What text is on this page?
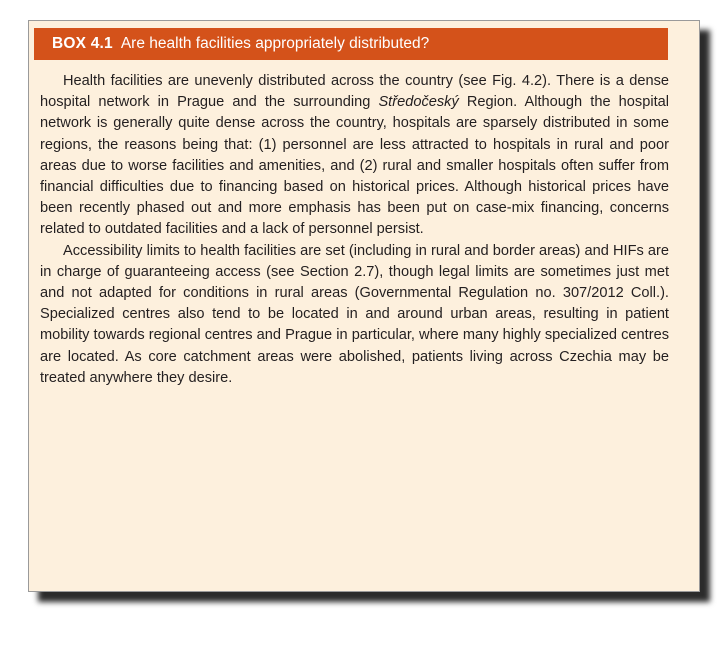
BOX 4.1 Are health facilities appropriately distributed?

Health facilities are unevenly distributed across the country (see Fig. 4.2). There is a dense hospital network in Prague and the surrounding Středočeský Region. Although the hospital network is generally quite dense across the country, hospitals are sparsely distributed in some regions, the reasons being that: (1) personnel are less attracted to hospitals in rural and poor areas due to worse facilities and amenities, and (2) rural and smaller hospitals often suffer from financial difficulties due to financing based on historical prices. Although historical prices have been recently phased out and more emphasis has been put on case-mix financing, concerns related to outdated facilities and a lack of personnel persist.

Accessibility limits to health facilities are set (including in rural and border areas) and HIFs are in charge of guaranteeing access (see Section 2.7), though legal limits are sometimes just met and not adapted for conditions in rural areas (Governmental Regulation no. 307/2012 Coll.). Specialized centres also tend to be located in and around urban areas, resulting in patient mobility towards regional centres and Prague in particular, where many highly specialized centres are located. As core catchment areas were abolished, patients living across Czechia may be treated anywhere they desire.
